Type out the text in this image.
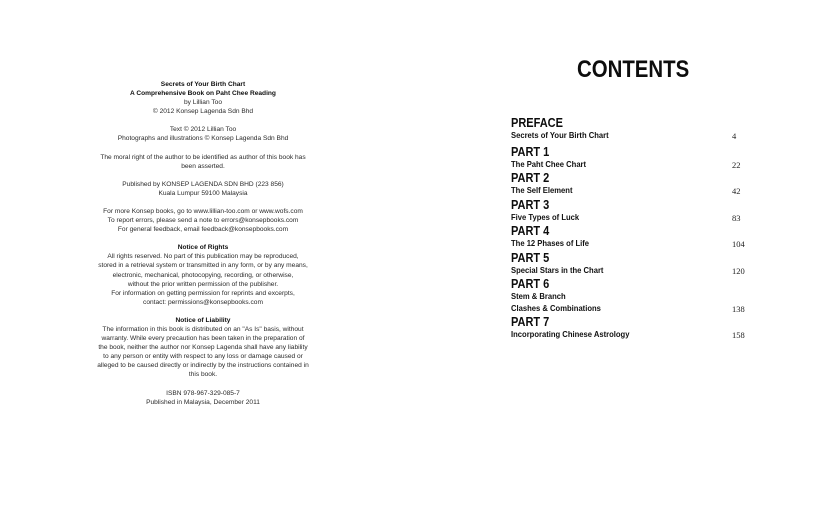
Secrets of Your Birth Chart
A Comprehensive Book on Paht Chee Reading
by Lillian Too
© 2012 Konsep Lagenda Sdn Bhd
Text © 2012 Lillian Too
Photographs and illustrations © Konsep Lagenda Sdn Bhd
The moral right of the author to be identified as author of this book has
been asserted.
Published by KONSEP LAGENDA SDN BHD (223 856)
Kuala Lumpur 59100 Malaysia
For more Konsep books, go to www.lillian-too.com or www.wofs.com
To report errors, please send a note to errors@konsepbooks.com
For general feedback, email feedback@konsepbooks.com
Notice of Rights
All rights reserved. No part of this publication may be reproduced,
stored in a retrieval system or transmitted in any form, or by any means,
electronic, mechanical, photocopying, recording, or otherwise,
without the prior written permission of the publisher.
For information on getting permission for reprints and excerpts,
contact: permissions@konsepbooks.com
Notice of Liability
The information in this book is distributed on an "As Is" basis, without
warranty. While every precaution has been taken in the preparation of
the book, neither the author nor Konsep Lagenda shall have any liability
to any person or entity with respect to any loss or damage caused or
alleged to be caused directly or indirectly by the instructions contained in
this book.
ISBN 978-967-329-085-7
Published in Malaysia, December 2011
CONTENTS
PREFACE
Secrets of Your Birth Chart	4
PART 1
The Paht Chee Chart	22
PART 2
The Self Element	42
PART 3
Five Types of Luck	83
PART 4
The 12 Phases of Life	104
PART 5
Special Stars in the Chart	120
PART 6
Stem & Branch
Clashes & Combinations	138
PART 7
Incorporating Chinese Astrology	158
